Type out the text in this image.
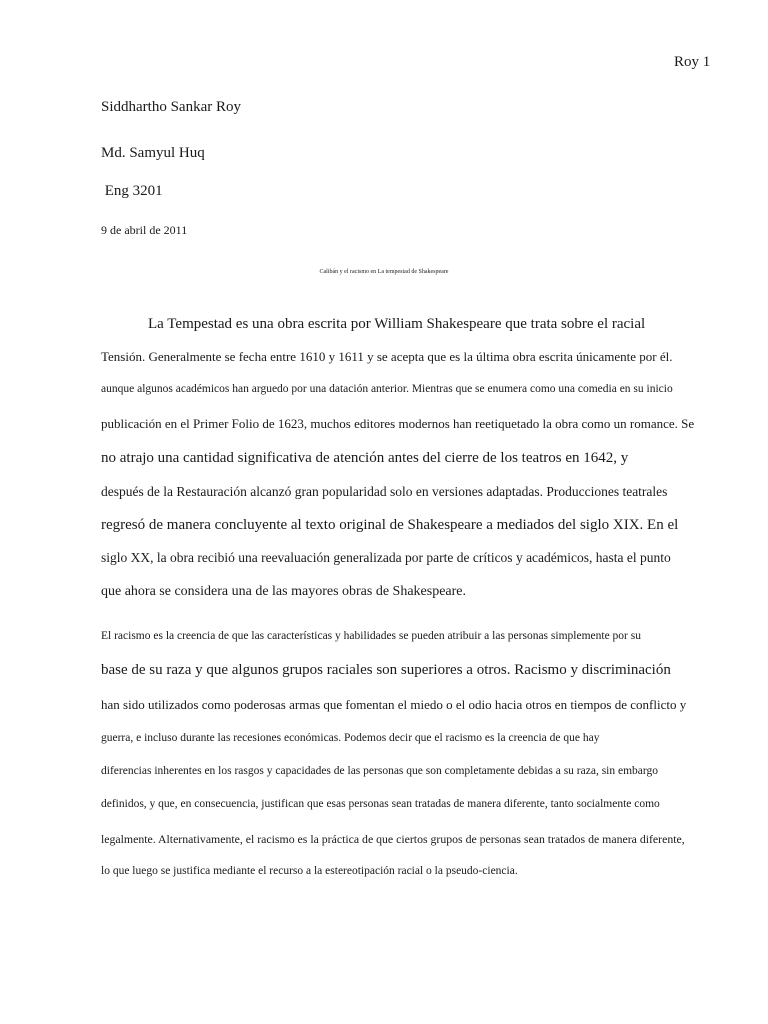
Roy 1
Siddhartho Sankar Roy
Md. Samyul Huq
Eng 3201
9 de abril de 2011
Calibán y el racismo en La tempestad de Shakespeare
La Tempestad es una obra escrita por William Shakespeare que trata sobre el racial
Tensión. Generalmente se fecha entre 1610 y 1611 y se acepta que es la última obra escrita únicamente por él.
aunque algunos académicos han arguedo por una datación anterior. Mientras que se enumera como una comedia en su inicio
publicación en el Primer Folio de 1623, muchos editores modernos han reetiquetado la obra como un romance. Se
no atrajo una cantidad significativa de atención antes del cierre de los teatros en 1642, y
después de la Restauración alcanzó gran popularidad solo en versiones adaptadas. Producciones teatrales
regresó de manera concluyente al texto original de Shakespeare a mediados del siglo XIX. En el
siglo XX, la obra recibió una reevaluación generalizada por parte de críticos y académicos, hasta el punto
que ahora se considera una de las mayores obras de Shakespeare.
El racismo es la creencia de que las características y habilidades se pueden atribuir a las personas simplemente por su
base de su raza y que algunos grupos raciales son superiores a otros. Racismo y discriminación
han sido utilizados como poderosas armas que fomentan el miedo o el odio hacia otros en tiempos de conflicto y
guerra, e incluso durante las recesiones económicas. Podemos decir que el racismo es la creencia de que hay
diferencias inherentes en los rasgos y capacidades de las personas que son completamente debidas a su raza, sin embargo
definidos, y que, en consecuencia, justifican que esas personas sean tratadas de manera diferente, tanto socialmente como
legalmente. Alternativamente, el racismo es la práctica de que ciertos grupos de personas sean tratados de manera diferente,
lo que luego se justifica mediante el recurso a la estereotipación racial o la pseudo-ciencia.
